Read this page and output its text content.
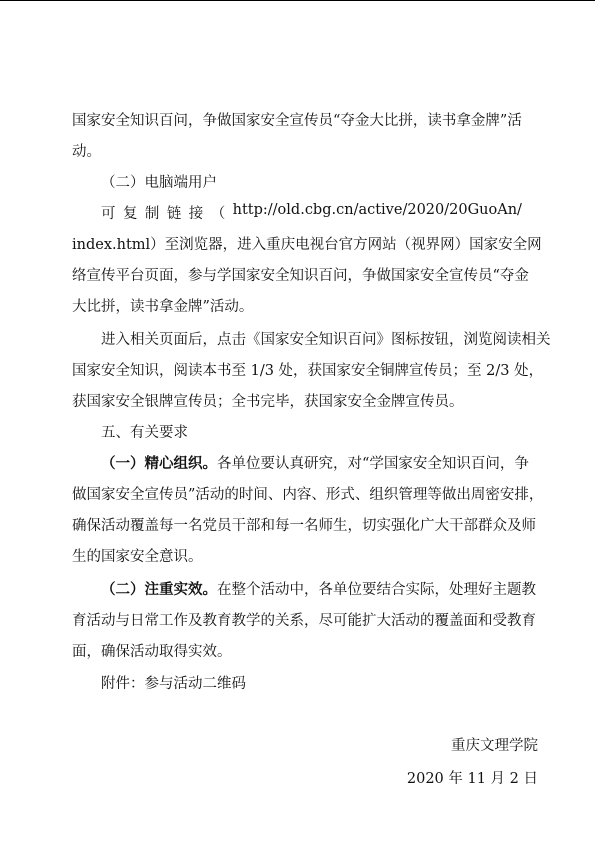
国家安全知识百问，争做国家安全宣传员“夺金大比拼，读书拿金牌”活
动。
（二）电脑端用户
可 复 制 链 接 （ http://old.cbg.cn/active/2020/20GuoAn/
index.html）至浏览器，进入重庆电视台官方网站（视界网）国家安全网
络宣传平台页面，参与学国家安全知识百问，争做国家安全宣传员“夺金
大比拼，读书拿金牌”活动。
进入相关页面后，点击《国家安全知识百问》图标按钮，浏览阅读相关
国家安全知识，阅读本书至 1/3 处，获国家安全铜牌宣传员；至 2/3 处，
获国家安全银牌宣传员；全书完毕，获国家安全金牌宣传员。
五、有关要求
（一）精心组织。各单位要认真研究，对“学国家安全知识百问，争
做国家安全宣传员”活动的时间、内容、形式、组织管理等做出周密安排，
确保活动覆盖每一名党员干部和每一名师生，切实强化广大干部群众及师
生的国家安全意识。
（二）注重实效。在整个活动中，各单位要结合实际，处理好主题教
育活动与日常工作及教育教学的关系，尽可能扩大活动的覆盖面和受教育
面，确保活动取得实效。
附件：参与活动二维码
重庆文理学院
2020 年 11 月 2 日
